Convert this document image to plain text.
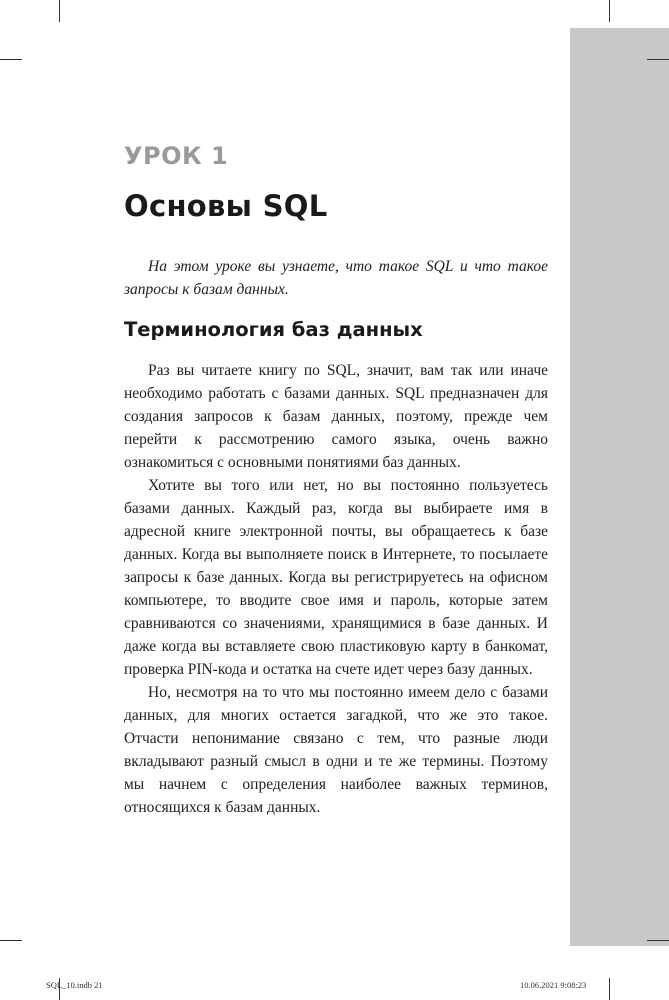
УРОК 1
Основы SQL
На этом уроке вы узнаете, что такое SQL и что такое запросы к базам данных.
Терминология баз данных

Раз вы читаете книгу по SQL, значит, вам так или иначе необходимо работать с базами данных. SQL предназначен для создания запросов к базам данных, поэтому, прежде чем перейти к рассмотрению самого языка, очень важно ознакомиться с основными понятиями баз данных.

Хотите вы того или нет, но вы постоянно пользуетесь базами данных. Каждый раз, когда вы выбираете имя в адресной книге электронной почты, вы обращаетесь к базе данных. Когда вы выполняете поиск в Интернете, то посылаете запросы к базе данных. Когда вы регистрируетесь на офисном компьютере, то вводите свое имя и пароль, которые затем сравниваются со значениями, хранящимися в базе данных. И даже когда вы вставляете свою пластиковую карту в банкомат, проверка PIN-кода и остатка на счете идет через базу данных.

Но, несмотря на то что мы постоянно имеем дело с базами данных, для многих остается загадкой, что же это такое. Отчасти непонимание связано с тем, что разные люди вкладывают разный смысл в одни и те же термины. Поэтому мы начнем с определения наиболее важных терминов, относящихся к базам данных.

SQL_10.indb 21	10.06.2021 9:08:23
